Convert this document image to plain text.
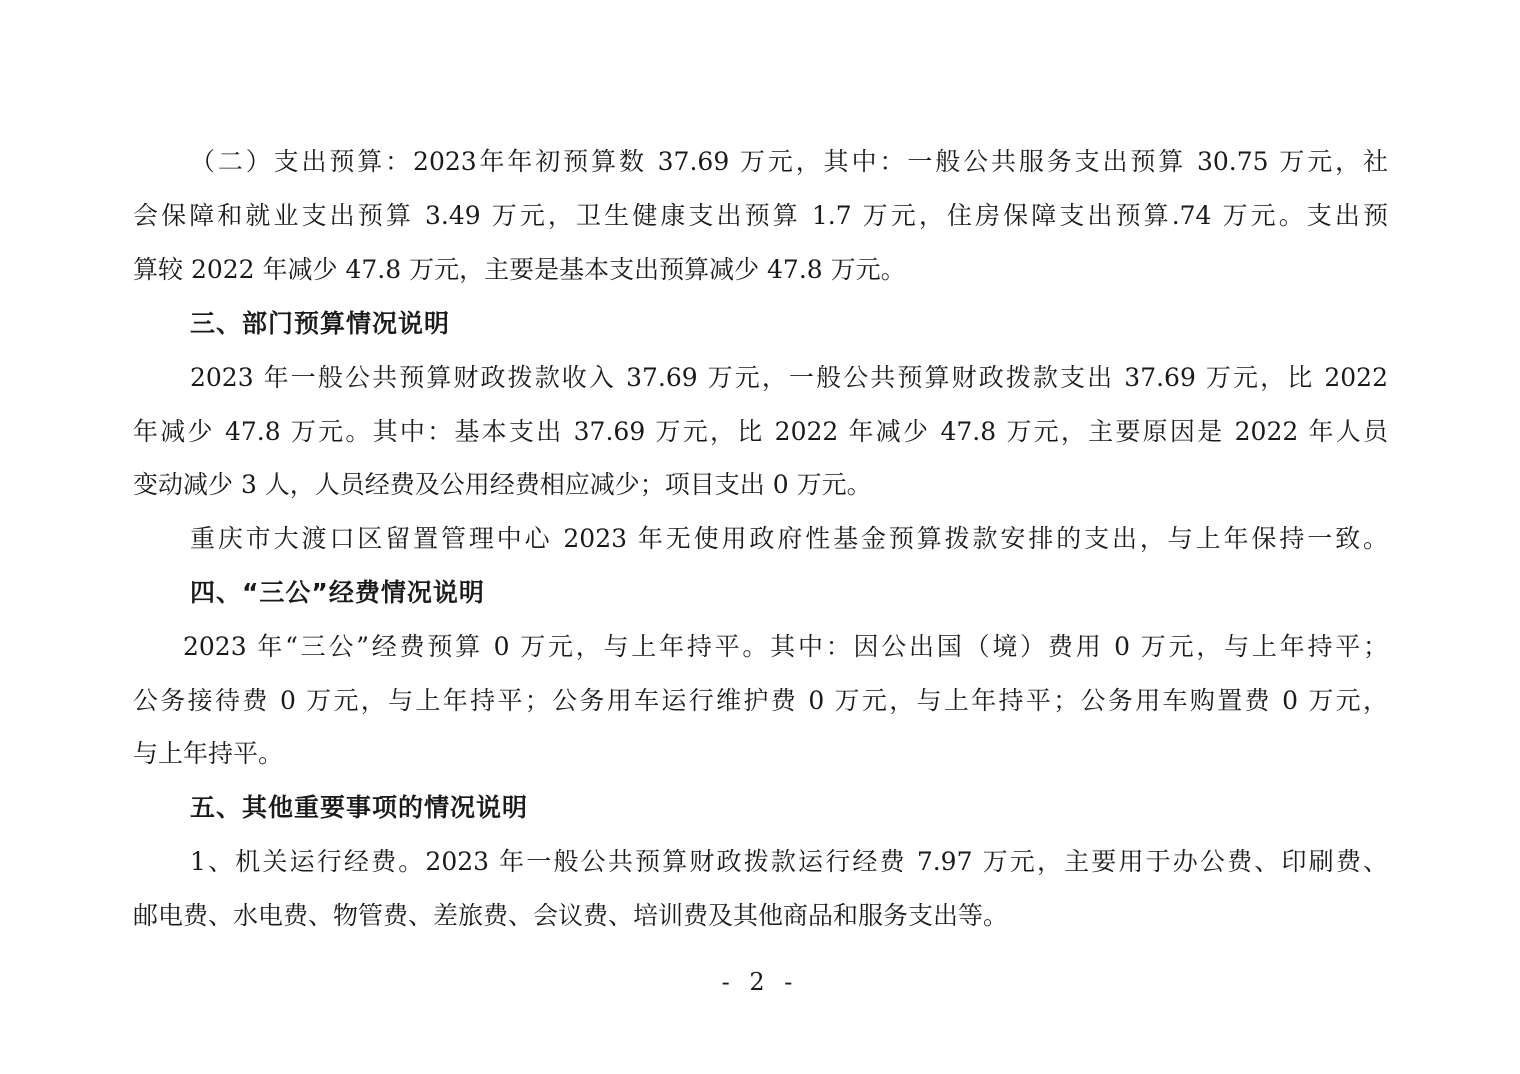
（二）支出预算：2023年年初预算数 37.69 万元，其中：一般公共服务支出预算 30.75 万元，社
会保障和就业支出预算 3.49 万元，卫生健康支出预算 1.7 万元，住房保障支出预算.74 万元。支出预
算较 2022 年减少 47.8 万元，主要是基本支出预算减少 47.8 万元。
三、部门预算情况说明
2023 年一般公共预算财政拨款收入 37.69 万元，一般公共预算财政拨款支出 37.69 万元，比 2022
年减少 47.8 万元。其中：基本支出 37.69 万元，比 2022 年减少 47.8 万元，主要原因是 2022 年人员
变动减少 3 人，人员经费及公用经费相应减少；项目支出 0 万元。
重庆市大渡口区留置管理中心 2023 年无使用政府性基金预算拨款安排的支出，与上年保持一致。
四、“三公”经费情况说明
2023 年“三公”经费预算 0 万元，与上年持平。其中：因公出国（境）费用 0 万元，与上年持平；
公务接待费 0 万元，与上年持平；公务用车运行维护费 0 万元，与上年持平；公务用车购置费 0 万元，
与上年持平。
五、其他重要事项的情况说明
1、机关运行经费。2023 年一般公共预算财政拨款运行经费 7.97 万元，主要用于办公费、印刷费、
邮电费、水电费、物管费、差旅费、会议费、培训费及其他商品和服务支出等。
- 2 -
